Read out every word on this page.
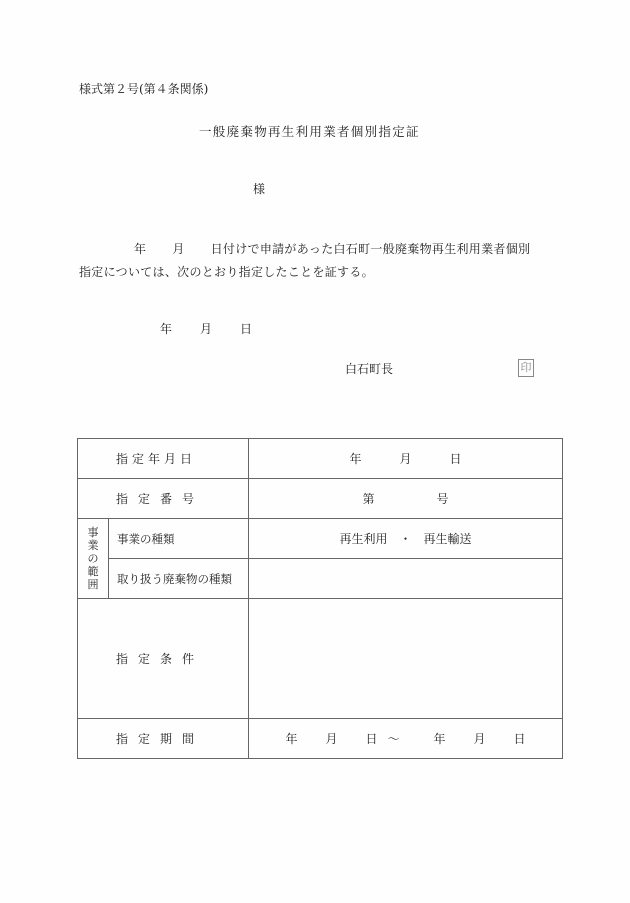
様式第２号(第４条関係)
一般廃棄物再生利用業者個別指定証
様
年 月 日付けで申請があった白石町一般廃棄物再生利用業者個別
指定については、次のとおり指定したことを証する。
年 月 日
白石町長	印
指定年月日		年 月 日
指定番号		第 号

事
業
の
範
囲	事業の種類	再生利用　・　再生輸送
	取り扱う廃棄物の種類	
指定条件		
指定期間		年 月 日 ～ 年 月 日
